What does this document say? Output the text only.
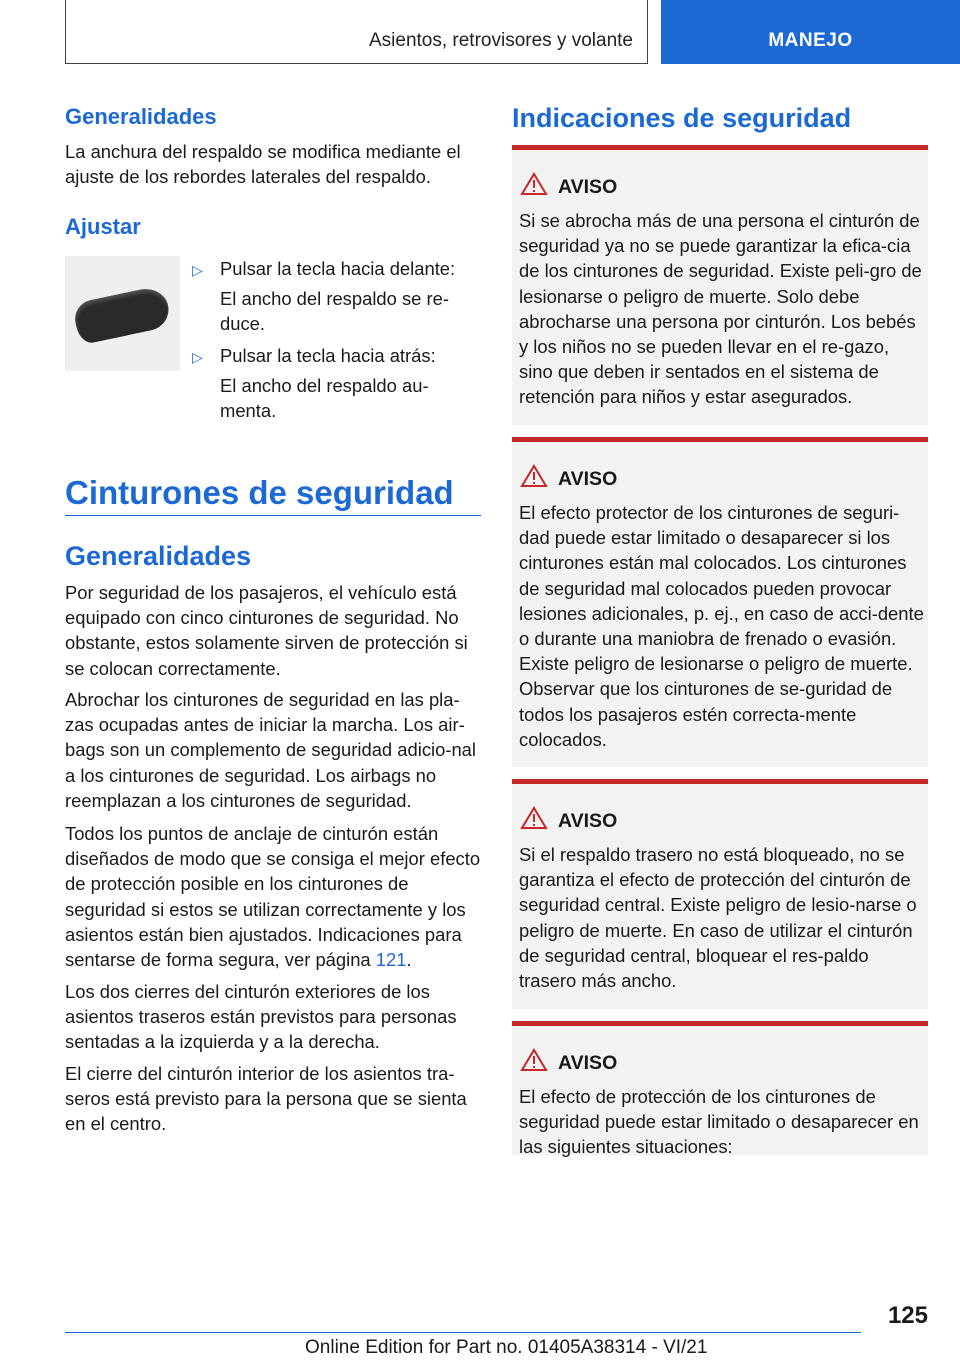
Asientos, retrovisores y volante	MANEJO
Generalidades

La anchura del respaldo se modifica mediante el ajuste de los rebordes laterales del respaldo.

Ajustar
▷ Pulsar la tecla hacia delante:

El ancho del respaldo se re-duce.

▷ Pulsar la tecla hacia atrás:

El ancho del respaldo au-menta.

Cinturones de seguridad
Generalidades

Por seguridad de los pasajeros, el vehículo está equipado con cinco cinturones de seguridad. No obstante, estos solamente sirven de protección si se colocan correctamente.

Abrochar los cinturones de seguridad en las pla-zas ocupadas antes de iniciar la marcha. Los air-bags son un complemento de seguridad adicio-nal a los cinturones de seguridad. Los airbags no reemplazan a los cinturones de seguridad.

Todos los puntos de anclaje de cinturón están diseñados de modo que se consiga el mejor efecto de protección posible en los cinturones de seguridad si estos se utilizan correctamente y los asientos están bien ajustados. Indicaciones para sentarse de forma segura, ver página 121.

Los dos cierres del cinturón exteriores de los asientos traseros están previstos para personas sentadas a la izquierda y a la derecha.

El cierre del cinturón interior de los asientos tra-seros está previsto para la persona que se sienta en el centro.

Indicaciones de seguridad
AVISO
Si se abrocha más de una persona el cinturón de seguridad ya no se puede garantizar la efica-cia de los cinturones de seguridad. Existe peli-gro de lesionarse o peligro de muerte. Solo debe abrocharse una persona por cinturón. Los bebés y los niños no se pueden llevar en el re-gazo, sino que deben ir sentados en el sistema de retención para niños y estar asegurados.
AVISO
El efecto protector de los cinturones de seguri-dad puede estar limitado o desaparecer si los cinturones están mal colocados. Los cinturones de seguridad mal colocados pueden provocar lesiones adicionales, p. ej., en caso de acci-dente o durante una maniobra de frenado o evasión. Existe peligro de lesionarse o peligro de muerte. Observar que los cinturones de se-guridad de todos los pasajeros estén correcta-mente colocados.
AVISO
Si el respaldo trasero no está bloqueado, no se garantiza el efecto de protección del cinturón de seguridad central. Existe peligro de lesio-narse o peligro de muerte. En caso de utilizar el cinturón de seguridad central, bloquear el res-paldo trasero más ancho.
AVISO
El efecto de protección de los cinturones de seguridad puede estar limitado o desaparecer en las siguientes situaciones:
125
Online Edition for Part no. 01405A38314 - VI/21
